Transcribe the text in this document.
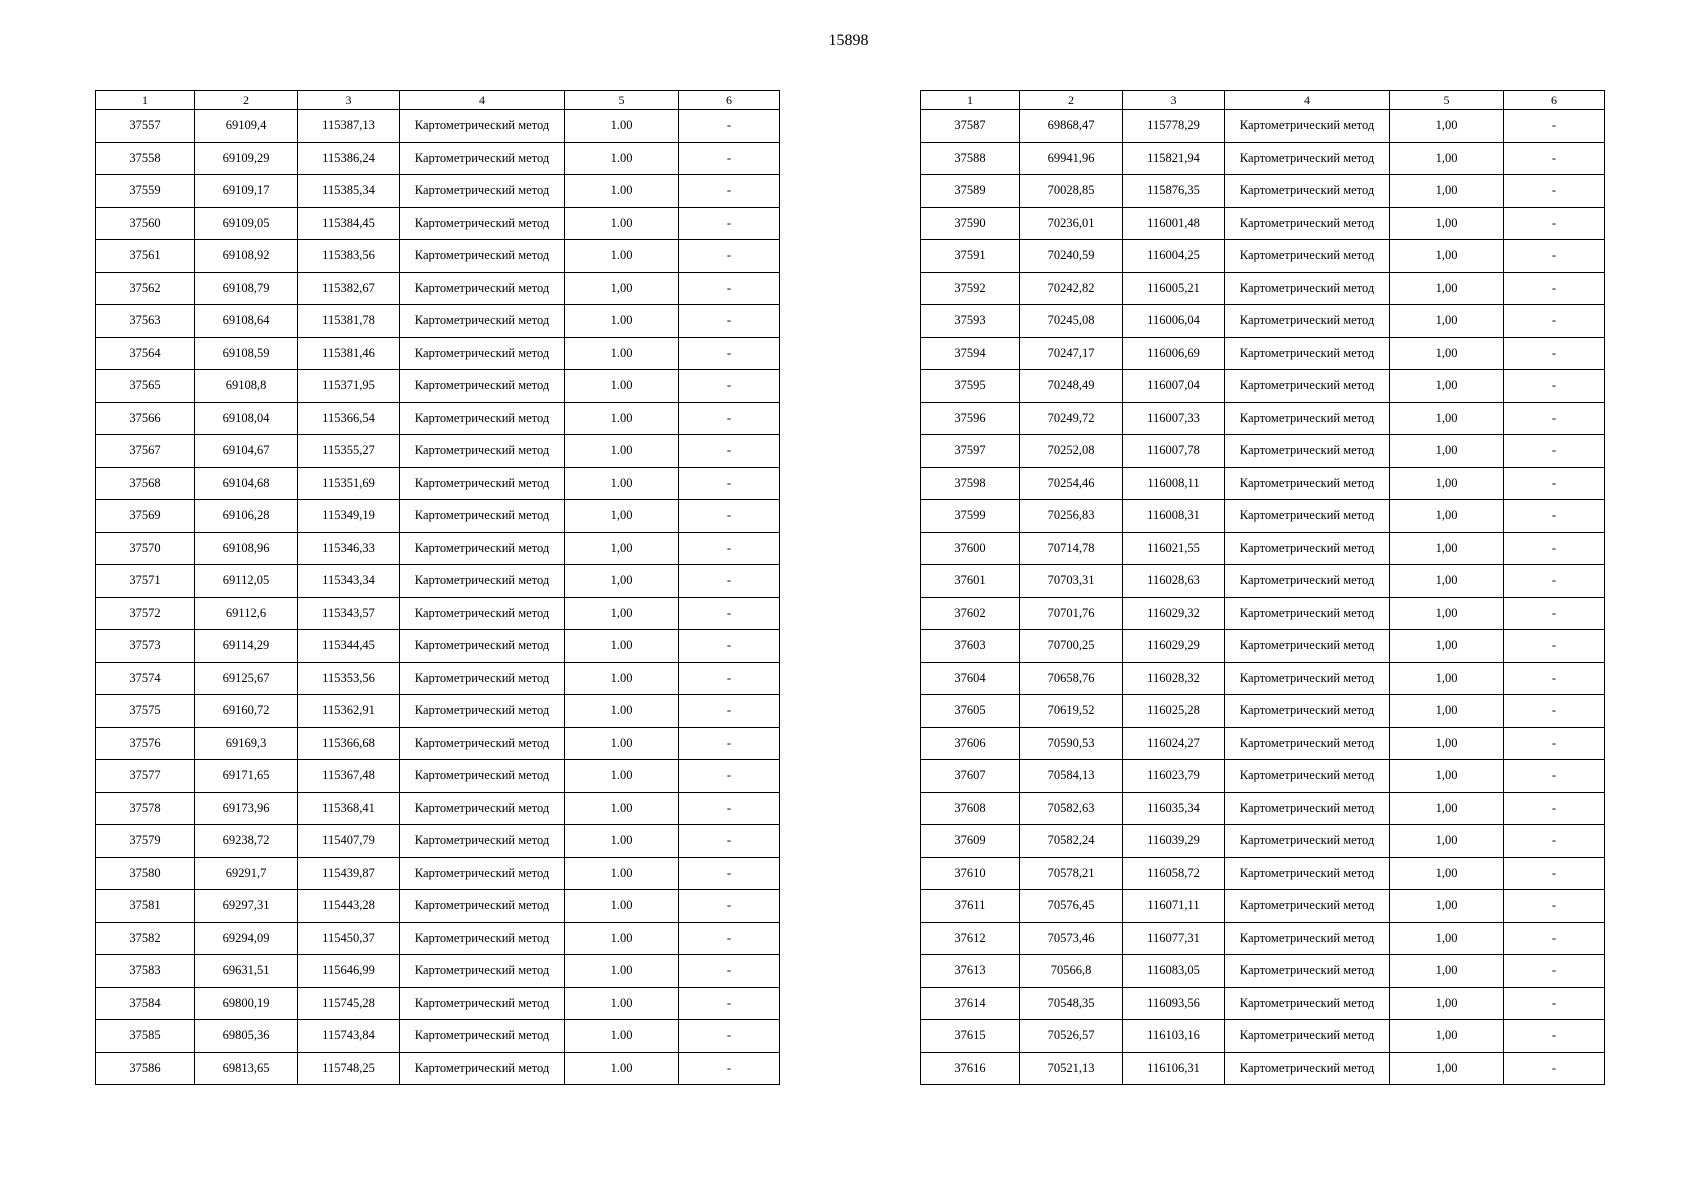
15898
1	2	3	4	5	6
37557	69109,4	115387,13	Картометрический метод	1.00	-
37558	69109,29	115386,24	Картометрический метод	1.00	-
37559	69109,17	115385,34	Картометрический метод	1.00	-
37560	69109,05	115384,45	Картометрический метод	1.00	-
37561	69108,92	115383,56	Картометрический метод	1.00	-
37562	69108,79	115382,67	Картометрический метод	1,00	-
37563	69108,64	115381,78	Картометрический метод	1.00	-
37564	69108,59	115381,46	Картометрический метод	1.00	-
37565	69108,8	115371,95	Картометрический метод	1.00	-
37566	69108,04	115366,54	Картометрический метод	1.00	-
37567	69104,67	115355,27	Картометрический метод	1.00	-
37568	69104,68	115351,69	Картометрический метод	1.00	-
37569	69106,28	115349,19	Картометрический метод	1,00	-
37570	69108,96	115346,33	Картометрический метод	1,00	-
37571	69112,05	115343,34	Картометрический метод	1,00	-
37572	69112,6	115343,57	Картометрический метод	1,00	-
37573	69114,29	115344,45	Картометрический метод	1.00	-
37574	69125,67	115353,56	Картометрический метод	1.00	-
37575	69160,72	115362,91	Картометрический метод	1.00	-
37576	69169,3	115366,68	Картометрический метод	1.00	-
37577	69171,65	115367,48	Картометрический метод	1.00	-
37578	69173,96	115368,41	Картометрический метод	1.00	-
37579	69238,72	115407,79	Картометрический метод	1.00	-
37580	69291,7	115439,87	Картометрический метод	1.00	-
37581	69297,31	115443,28	Картометрический метод	1.00	-
37582	69294,09	115450,37	Картометрический метод	1.00	-
37583	69631,51	115646,99	Картометрический метод	1.00	-
37584	69800,19	115745,28	Картометрический метод	1.00	-
37585	69805,36	115743,84	Картометрический метод	1.00	-
37586	69813,65	115748,25	Картометрический метод	1.00	-
1	2	3	4	5	6
37587	69868,47	115778,29	Картометрический метод	1,00	-
37588	69941,96	115821,94	Картометрический метод	1,00	-
37589	70028,85	115876,35	Картометрический метод	1,00	-
37590	70236,01	116001,48	Картометрический метод	1,00	-
37591	70240,59	116004,25	Картометрический метод	1,00	-
37592	70242,82	116005,21	Картометрический метод	1,00	-
37593	70245,08	116006,04	Картометрический метод	1,00	-
37594	70247,17	116006,69	Картометрический метод	1,00	-
37595	70248,49	116007,04	Картометрический метод	1,00	-
37596	70249,72	116007,33	Картометрический метод	1,00	-
37597	70252,08	116007,78	Картометрический метод	1,00	-
37598	70254,46	116008,11	Картометрический метод	1,00	-
37599	70256,83	116008,31	Картометрический метод	1,00	-
37600	70714,78	116021,55	Картометрический метод	1,00	-
37601	70703,31	116028,63	Картометрический метод	1,00	-
37602	70701,76	116029,32	Картометрический метод	1,00	-
37603	70700,25	116029,29	Картометрический метод	1,00	-
37604	70658,76	116028,32	Картометрический метод	1,00	-
37605	70619,52	116025,28	Картометрический метод	1,00	-
37606	70590,53	116024,27	Картометрический метод	1,00	-
37607	70584,13	116023,79	Картометрический метод	1,00	-
37608	70582,63	116035,34	Картометрический метод	1,00	-
37609	70582,24	116039,29	Картометрический метод	1,00	-
37610	70578,21	116058,72	Картометрический метод	1,00	-
37611	70576,45	116071,11	Картометрический метод	1,00	-
37612	70573,46	116077,31	Картометрический метод	1,00	-
37613	70566,8	116083,05	Картометрический метод	1,00	-
37614	70548,35	116093,56	Картометрический метод	1,00	-
37615	70526,57	116103,16	Картометрический метод	1,00	-
37616	70521,13	116106,31	Картометрический метод	1,00	-
